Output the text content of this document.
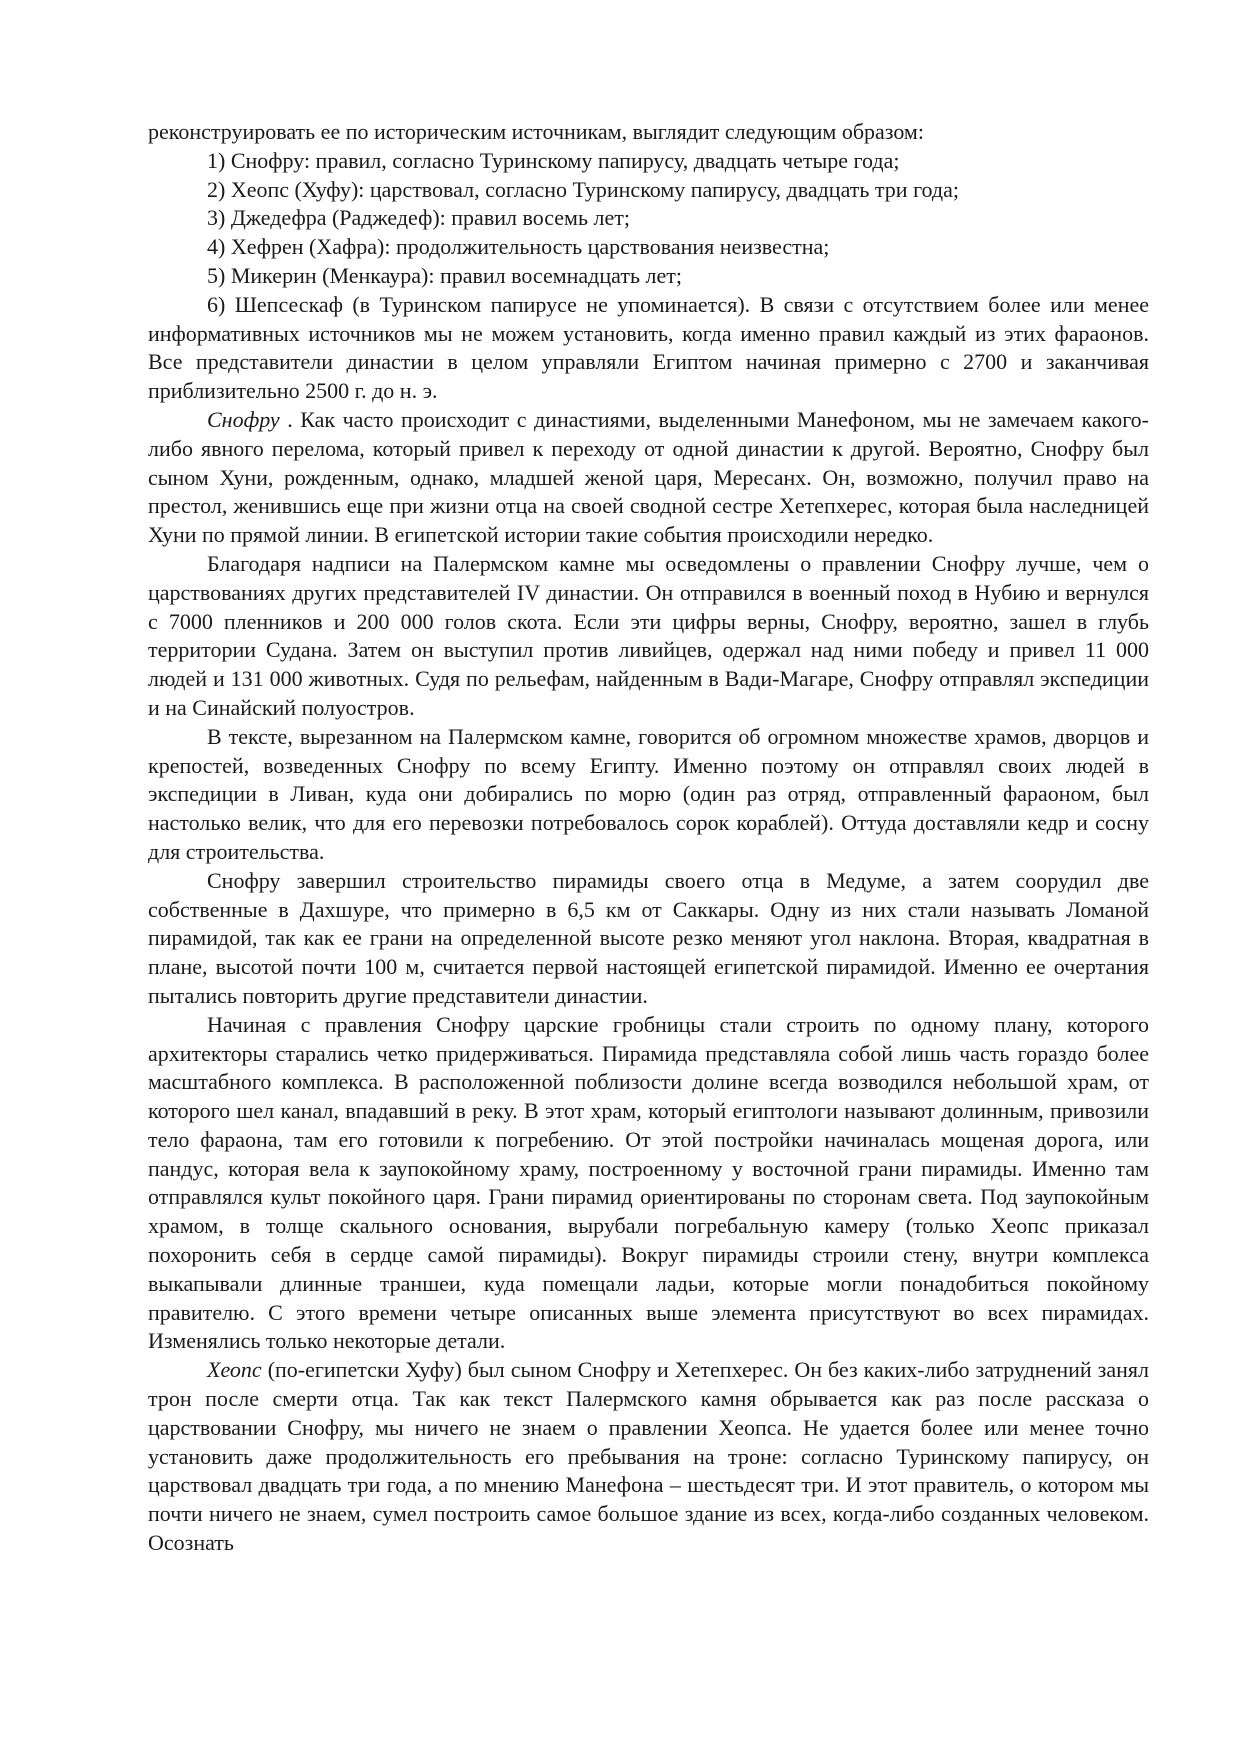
реконструировать ее по историческим источникам, выглядит следующим образом:
1) Снофру: правил, согласно Туринскому папирусу, двадцать четыре года;
2) Хеопс (Хуфу): царствовал, согласно Туринскому папирусу, двадцать три года;
3) Джедефра (Раджедеф): правил восемь лет;
4) Хефрен (Хафра): продолжительность царствования неизвестна;
5) Микерин (Менкаура): правил восемнадцать лет;

6) Шепсескаф (в Туринском папирусе не упоминается). В связи с отсутствием более или менее информативных источников мы не можем установить, когда именно правил каждый из этих фараонов. Все представители династии в целом управляли Египтом начиная примерно с 2700 и заканчивая приблизительно 2500 г. до н. э.

Снофру . Как часто происходит с династиями, выделенными Манефоном, мы не замечаем какого-либо явного перелома, который привел к переходу от одной династии к другой. Вероятно, Снофру был сыном Хуни, рожденным, однако, младшей женой царя, Мересанх. Он, возможно, получил право на престол, женившись еще при жизни отца на своей сводной сестре Хетепхерес, которая была наследницей Хуни по прямой линии. В египетской истории такие события происходили нередко.

Благодаря надписи на Палермском камне мы осведомлены о правлении Снофру лучше, чем о царствованиях других представителей IV династии. Он отправился в военный поход в Нубию и вернулся с 7000 пленников и 200 000 голов скота. Если эти цифры верны, Снофру, вероятно, зашел в глубь территории Судана. Затем он выступил против ливийцев, одержал над ними победу и привел 11 000 людей и 131 000 животных. Судя по рельефам, найденным в Вади-Магаре, Снофру отправлял экспедиции и на Синайский полуостров.

В тексте, вырезанном на Палермском камне, говорится об огромном множестве храмов, дворцов и крепостей, возведенных Снофру по всему Египту. Именно поэтому он отправлял своих людей в экспедиции в Ливан, куда они добирались по морю (один раз отряд, отправленный фараоном, был настолько велик, что для его перевозки потребовалось сорок кораблей). Оттуда доставляли кедр и сосну для строительства.

Снофру завершил строительство пирамиды своего отца в Медуме, а затем соорудил две собственные в Дахшуре, что примерно в 6,5 км от Саккары. Одну из них стали называть Ломаной пирамидой, так как ее грани на определенной высоте резко меняют угол наклона. Вторая, квадратная в плане, высотой почти 100 м, считается первой настоящей египетской пирамидой. Именно ее очертания пытались повторить другие представители династии.

Начиная с правления Снофру царские гробницы стали строить по одному плану, которого архитекторы старались четко придерживаться. Пирамида представляла собой лишь часть гораздо более масштабного комплекса. В расположенной поблизости долине всегда возводился небольшой храм, от которого шел канал, впадавший в реку. В этот храм, который египтологи называют долинным, привозили тело фараона, там его готовили к погребению. От этой постройки начиналась мощеная дорога, или пандус, которая вела к заупокойному храму, построенному у восточной грани пирамиды. Именно там отправлялся культ покойного царя. Грани пирамид ориентированы по сторонам света. Под заупокойным храмом, в толще скального основания, вырубали погребальную камеру (только Хеопс приказал похоронить себя в сердце самой пирамиды). Вокруг пирамиды строили стену, внутри комплекса выкапывали длинные траншеи, куда помещали ладьи, которые могли понадобиться покойному правителю. С этого времени четыре описанных выше элемента присутствуют во всех пирамидах. Изменялись только некоторые детали.

Хеопс (по-египетски Хуфу) был сыном Снофру и Хетепхерес. Он без каких-либо затруднений занял трон после смерти отца. Так как текст Палермского камня обрывается как раз после рассказа о царствовании Снофру, мы ничего не знаем о правлении Хеопса. Не удается более или менее точно установить даже продолжительность его пребывания на троне: согласно Туринскому папирусу, он царствовал двадцать три года, а по мнению Манефона – шестьдесят три. И этот правитель, о котором мы почти ничего не знаем, сумел построить самое большое здание из всех, когда-либо созданных человеком. Осознать
